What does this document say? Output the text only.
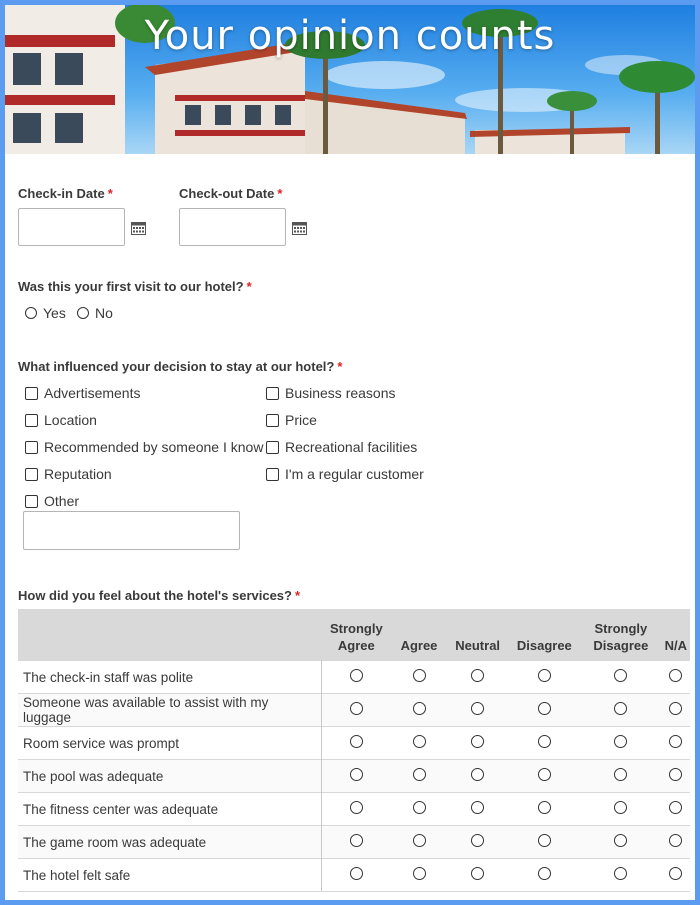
Your opinion counts
Check-in Date *	Check-out Date *
Was this your first visit to our hotel? *
Yes No
What influenced your decision to stay at our hotel? *
Advertisements	Business reasons
Location	Price
Recommended by someone I know Recreational facilities
Reputation	I'm a regular customer
Other
How did you feel about the hotel's services? *
	Strongly Agree	Agree	Neutral	Disagree	Strongly Disagree	N/A
The check-in staff was polite						
Someone was available to assist with my luggage						
Room service was prompt						
The pool was adequate						
The fitness center was adequate						
The game room was adequate						
The hotel felt safe						
